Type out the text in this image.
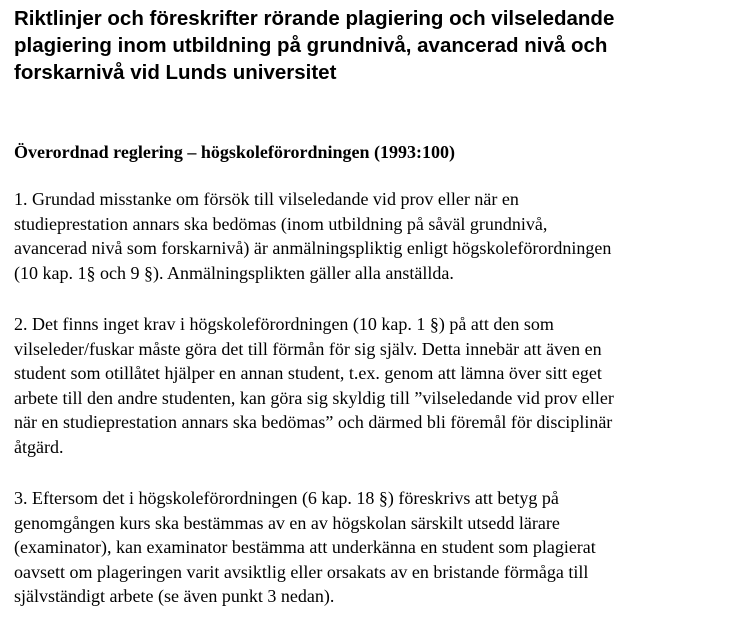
Riktlinjer och föreskrifter rörande plagiering och vilseledande
plagiering inom utbildning på grundnivå, avancerad nivå och
forskarnivå vid Lunds universitet
Överordnad reglering – högskoleförordningen (1993:100)

1. Grundad misstanke om försök till vilseledande vid prov eller när en
studieprestation annars ska bedömas (inom utbildning på såväl grundnivå,
avancerad nivå som forskarnivå) är anmälningspliktig enligt högskoleförordningen
(10 kap. 1§ och 9 §). Anmälningsplikten gäller alla anställda.

2. Det finns inget krav i högskoleförordningen (10 kap. 1 §) på att den som
vilseleder/fuskar måste göra det till förmån för sig själv. Detta innebär att även en
student som otillåtet hjälper en annan student, t.ex. genom att lämna över sitt eget
arbete till den andre studenten, kan göra sig skyldig till ”vilseledande vid prov eller
när en studieprestation annars ska bedömas” och därmed bli föremål för disciplinär
åtgärd.

3. Eftersom det i högskoleförordningen (6 kap. 18 §) föreskrivs att betyg på
genomgången kurs ska bestämmas av en av högskolan särskilt utsedd lärare
(examinator), kan examinator bestämma att underkänna en student som plagierat
oavsett om plageringen varit avsiktlig eller orsakats av en bristande förmåga till
självständigt arbete (se även punkt 3 nedan).
